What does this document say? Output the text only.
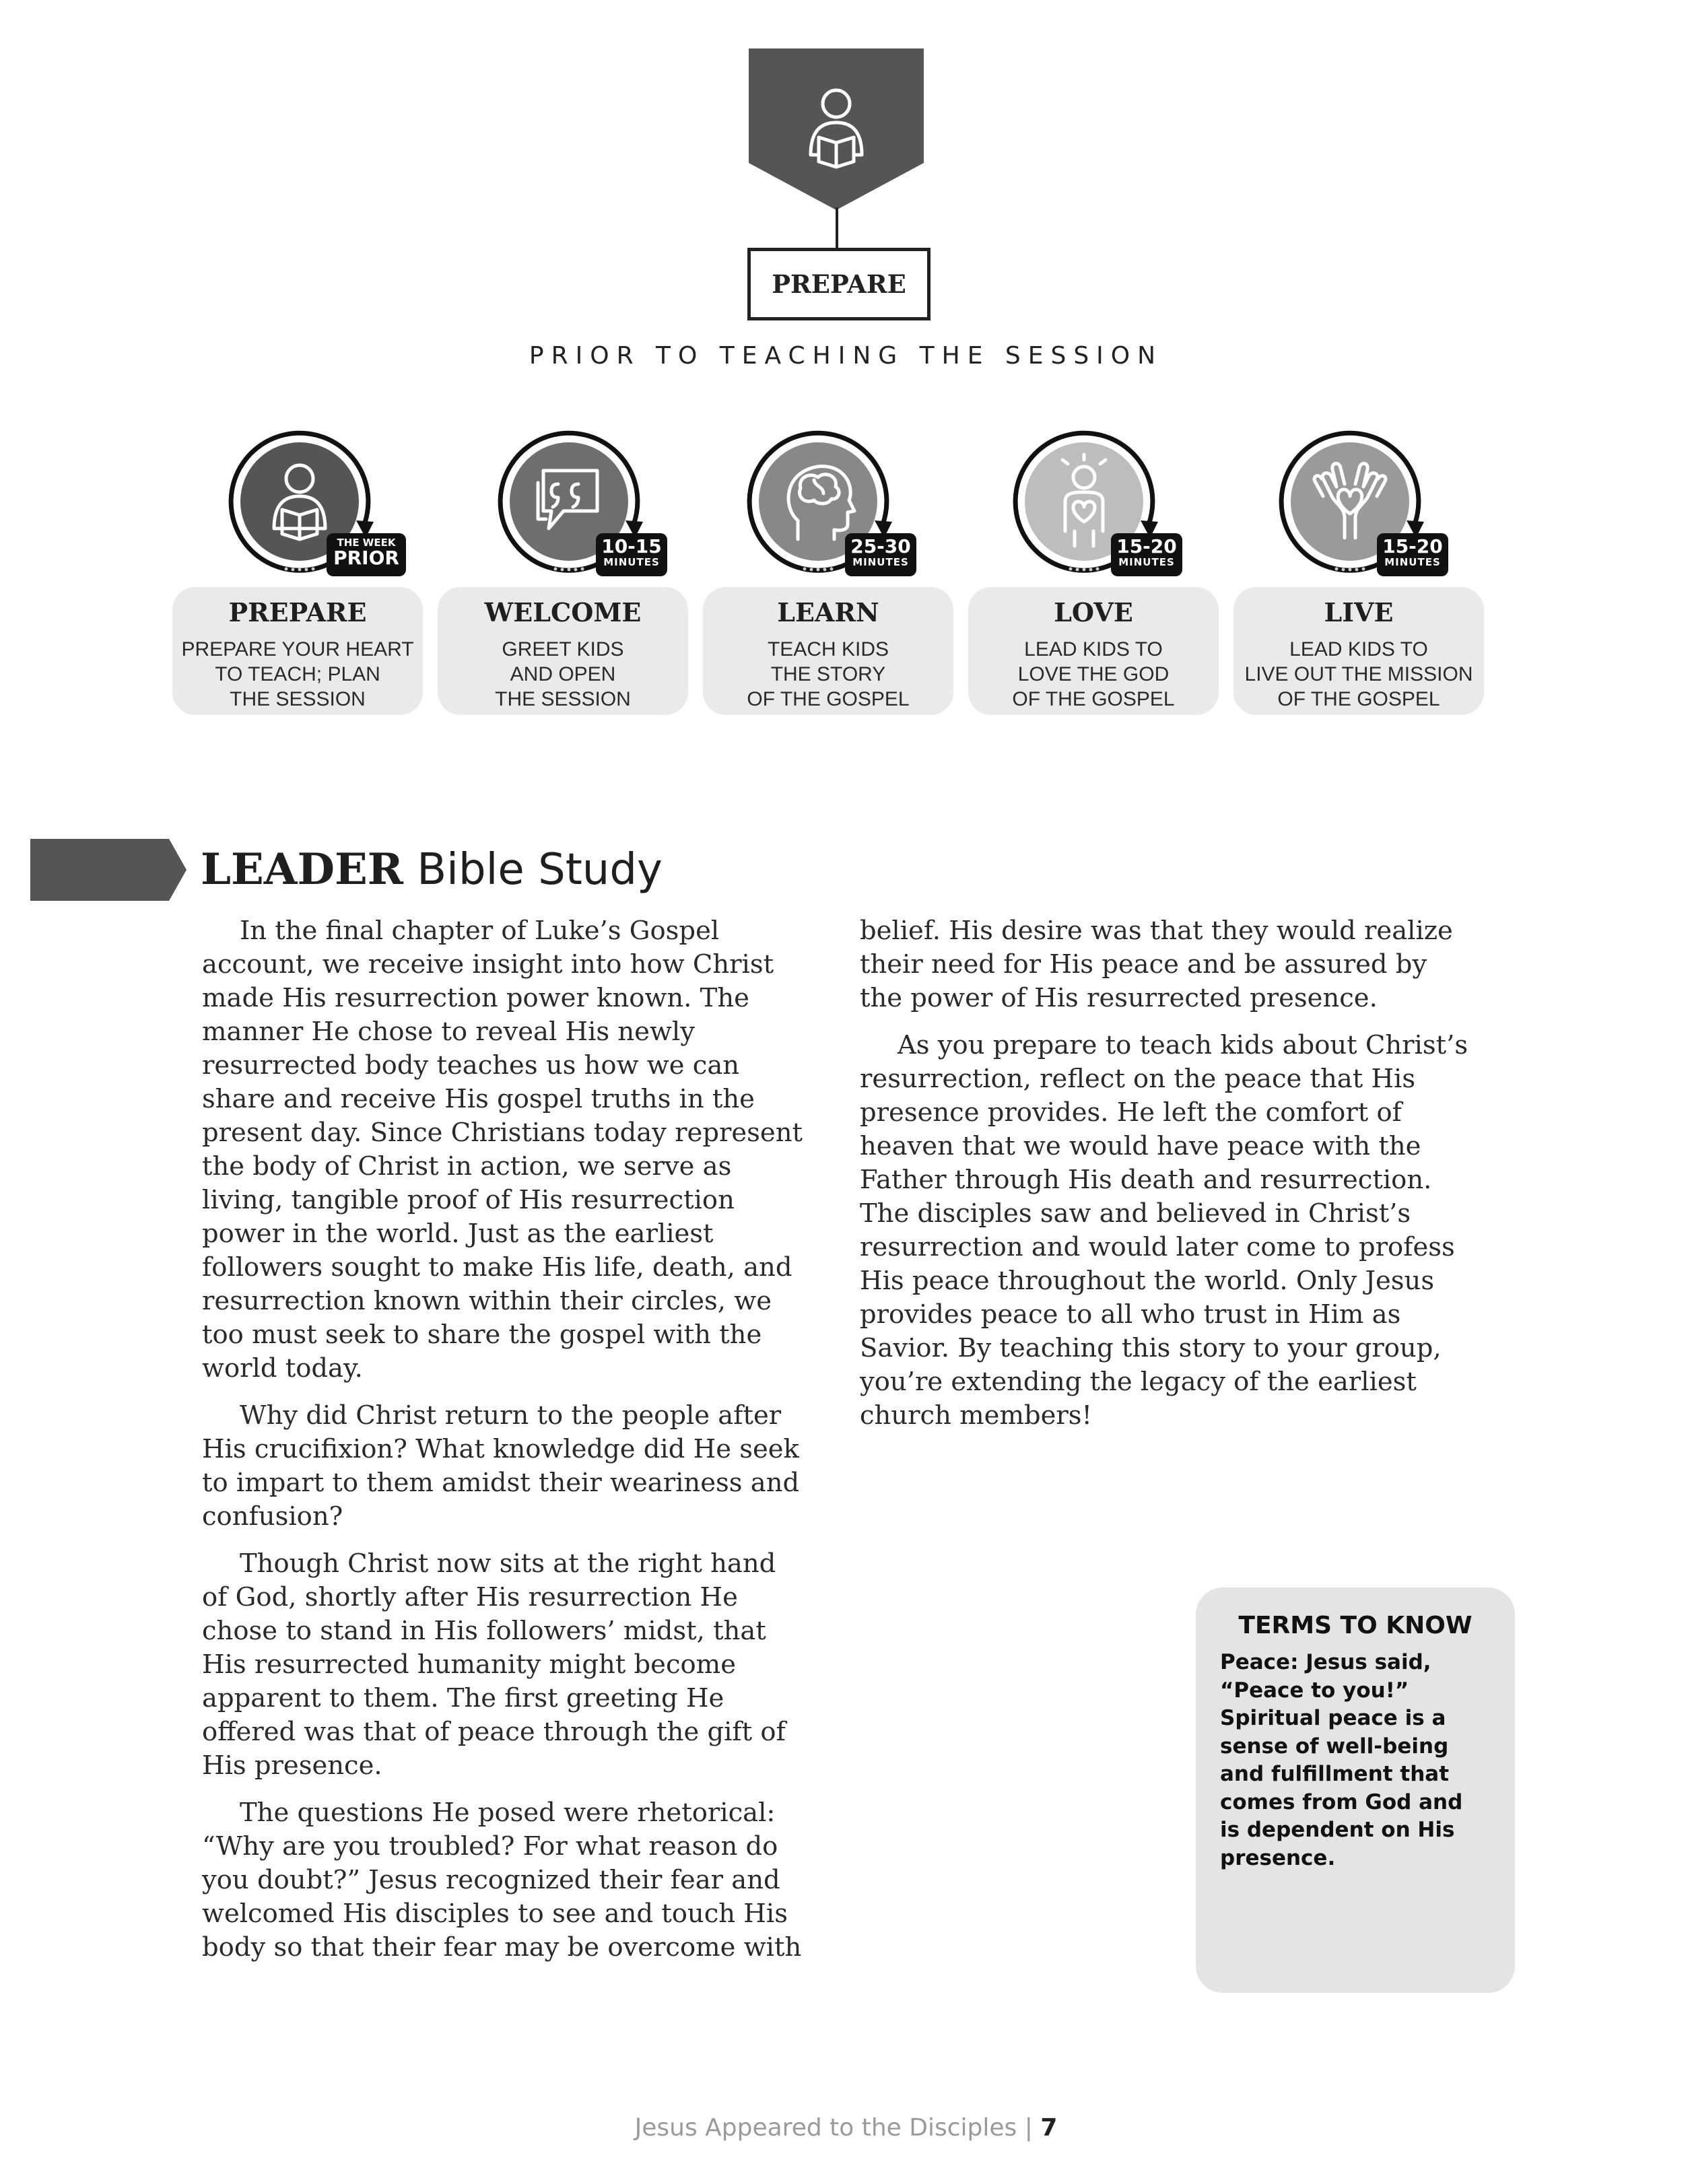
PREPARE
PRIOR TO TEACHING THE SESSION
THE WEEK
PRIOR
PREPARE
PREPARE YOUR HEART
TO TEACH; PLAN
THE SESSION
10-15
MINUTES
WELCOME
GREET KIDS
AND OPEN
THE SESSION
25-30
MINUTES
LEARN
TEACH KIDS
THE STORY
OF THE GOSPEL
15-20
MINUTES
LOVE
LEAD KIDS TO
LOVE THE GOD
OF THE GOSPEL
15-20
MINUTES
LIVE
LEAD KIDS TO
LIVE OUT THE MISSION
OF THE GOSPEL
LEADER Bible Study

In the final chapter of Luke’s Gospel
account, we receive insight into how Christ
made His resurrection power known. The
manner He chose to reveal His newly
resurrected body teaches us how we can
share and receive His gospel truths in the
present day. Since Christians today represent
the body of Christ in action, we serve as
living, tangible proof of His resurrection
power in the world. Just as the earliest
followers sought to make His life, death, and
resurrection known within their circles, we
too must seek to share the gospel with the
world today.

Why did Christ return to the people after
His crucifixion? What knowledge did He seek
to impart to them amidst their weariness and
confusion?

Though Christ now sits at the right hand
of God, shortly after His resurrection He
chose to stand in His followers’ midst, that
His resurrected humanity might become
apparent to them. The first greeting He
offered was that of peace through the gift of
His presence.

The questions He posed were rhetorical:
“Why are you troubled? For what reason do
you doubt?” Jesus recognized their fear and
welcomed His disciples to see and touch His
body so that their fear may be overcome with

belief. His desire was that they would realize
their need for His peace and be assured by
the power of His resurrected presence.

As you prepare to teach kids about Christ’s
resurrection, reflect on the peace that His
presence provides. He left the comfort of
heaven that we would have peace with the
Father through His death and resurrection.
The disciples saw and believed in Christ’s
resurrection and would later come to profess
His peace throughout the world. Only Jesus
provides peace to all who trust in Him as
Savior. By teaching this story to your group,
you’re extending the legacy of the earliest
church members!

TERMS TO KNOW
Peace: Jesus said,
“Peace to you!”
Spiritual peace is a
sense of well-being
and fulfillment that
comes from God and
is dependent on His
presence.
Jesus Appeared to the Disciples | 7
